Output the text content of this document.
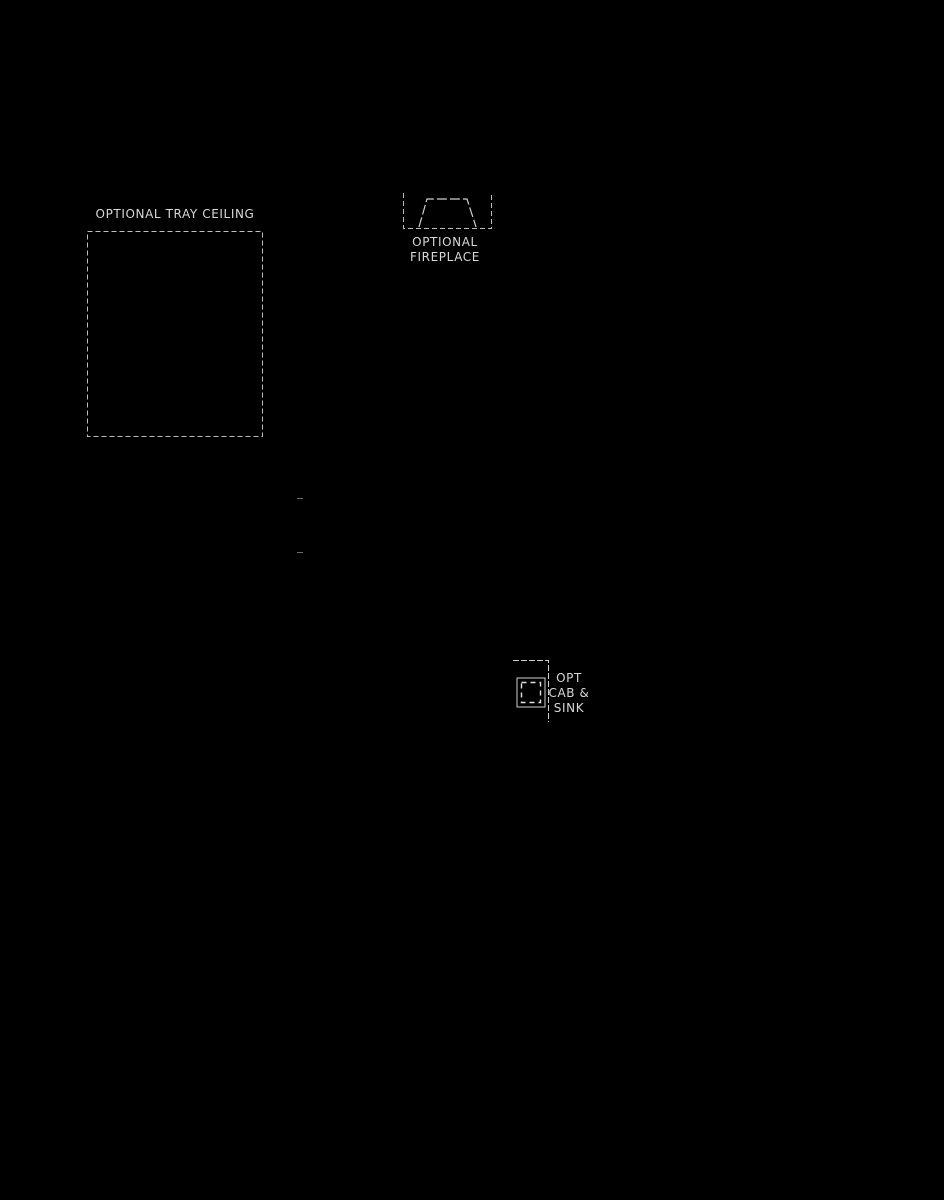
OPTIONAL TRAY CEILING
OPTIONAL
FIREPLACE
OPT
CAB &
SINK
